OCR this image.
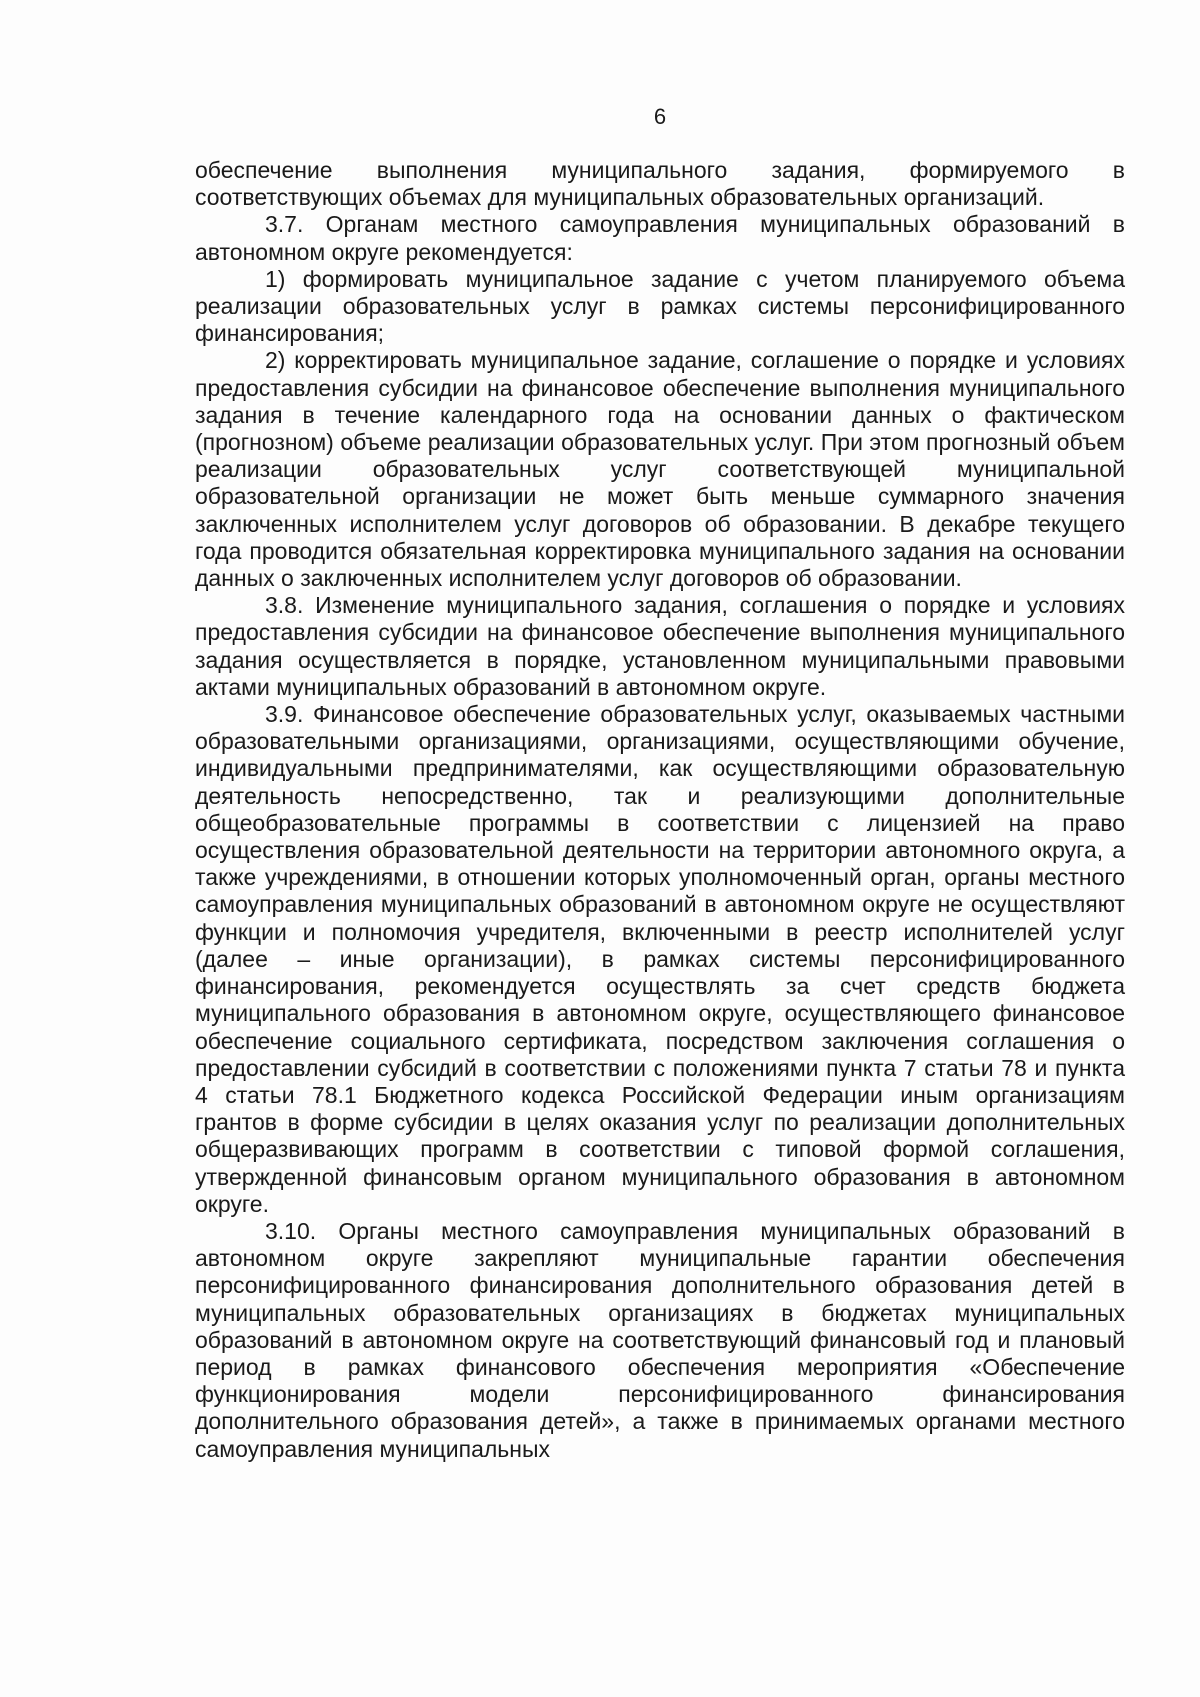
6

обеспечение выполнения муниципального задания, формируемого в соответствующих объемах для муниципальных образовательных организаций.

3.7. Органам местного самоуправления муниципальных образований в автономном округе рекомендуется:

1) формировать муниципальное задание с учетом планируемого объема реализации образовательных услуг в рамках системы персонифицированного финансирования;

2) корректировать муниципальное задание, соглашение о порядке и условиях предоставления субсидии на финансовое обеспечение выполнения муниципального задания в течение календарного года на основании данных о фактическом (прогнозном) объеме реализации образовательных услуг. При этом прогнозный объем реализации образовательных услуг соответствующей муниципальной образовательной организации не может быть меньше суммарного значения заключенных исполнителем услуг договоров об образовании. В декабре текущего года проводится обязательная корректировка муниципального задания на основании данных о заключенных исполнителем услуг договоров об образовании.

3.8. Изменение муниципального задания, соглашения о порядке и условиях предоставления субсидии на финансовое обеспечение выполнения муниципального задания осуществляется в порядке, установленном муниципальными правовыми актами муниципальных образований в автономном округе.

3.9. Финансовое обеспечение образовательных услуг, оказываемых частными образовательными организациями, организациями, осуществляющими обучение, индивидуальными предпринимателями, как осуществляющими образовательную деятельность непосредственно, так и реализующими дополнительные общеобразовательные программы в соответствии с лицензией на право осуществления образовательной деятельности на территории автономного округа, а также учреждениями, в отношении которых уполномоченный орган, органы местного самоуправления муниципальных образований в автономном округе не осуществляют функции и полномочия учредителя, включенными в реестр исполнителей услуг (далее – иные организации), в рамках системы персонифицированного финансирования, рекомендуется осуществлять за счет средств бюджета муниципального образования в автономном округе, осуществляющего финансовое обеспечение социального сертификата, посредством заключения соглашения о предоставлении субсидий в соответствии с положениями пункта 7 статьи 78 и пункта 4 статьи 78.1 Бюджетного кодекса Российской Федерации иным организациям грантов в форме субсидии в целях оказания услуг по реализации дополнительных общеразвивающих программ в соответствии с типовой формой соглашения, утвержденной финансовым органом муниципального образования в автономном округе.

3.10. Органы местного самоуправления муниципальных образований в автономном округе закрепляют муниципальные гарантии обеспечения персонифицированного финансирования дополнительного образования детей в муниципальных образовательных организациях в бюджетах муниципальных образований в автономном округе на соответствующий финансовый год и плановый период в рамках финансового обеспечения мероприятия «Обеспечение функционирования модели персонифицированного финансирования дополнительного образования детей», а также в принимаемых органами местного самоуправления муниципальных
